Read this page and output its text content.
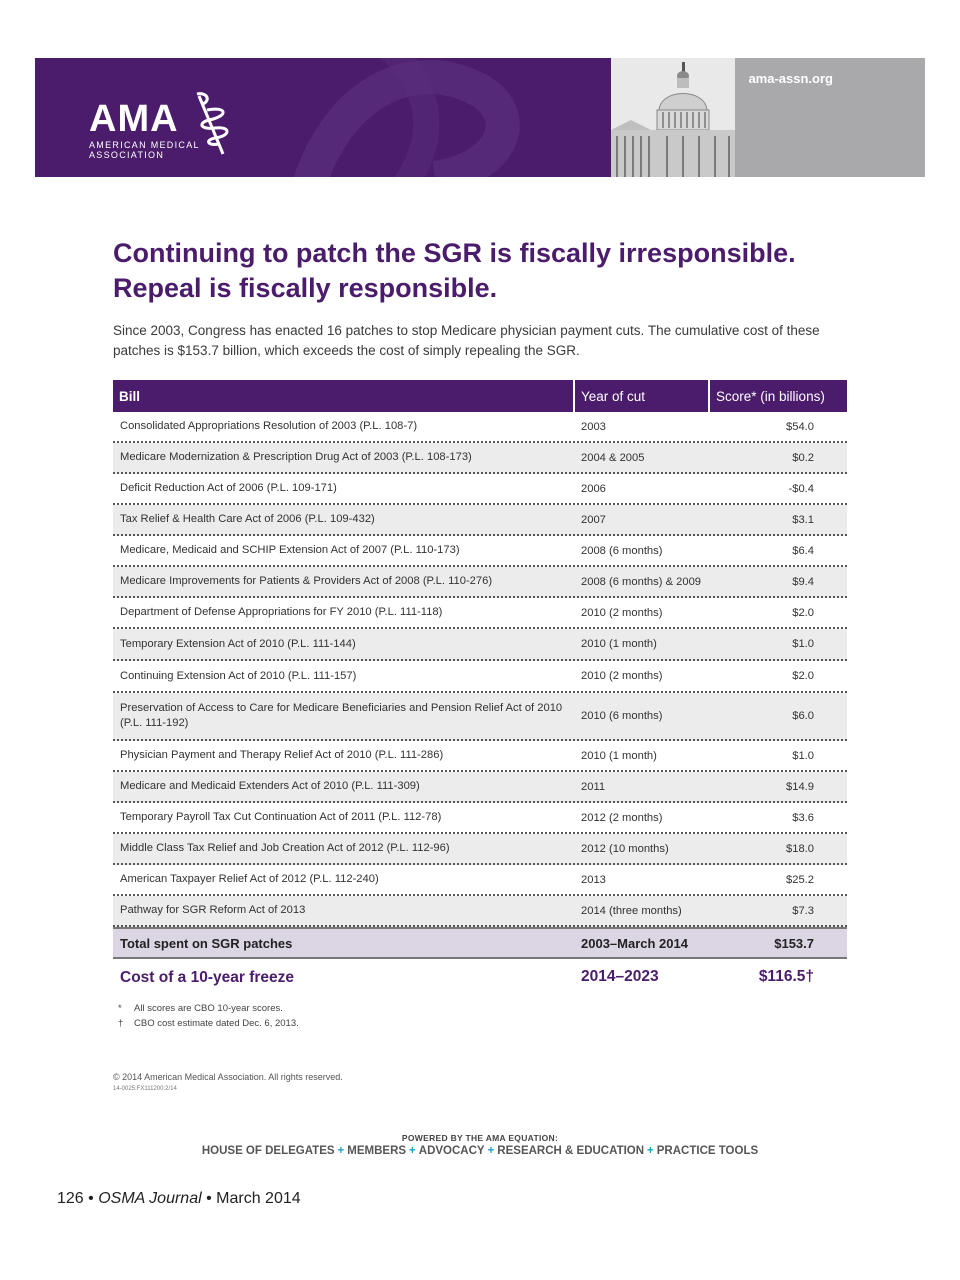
AMA
AMERICAN MEDICAL ASSOCIATION
ama-assn.org
Continuing to patch the SGR is fiscally irresponsible.
Repeal is fiscally responsible.
Since 2003, Congress has enacted 16 patches to stop Medicare physician payment cuts. The cumulative cost of these patches is $153.7 billion, which exceeds the cost of simply repealing the SGR.
Bill	Year of cut	Score*
(in billions)
Consolidated Appropriations Resolution of 2003 (P.L. 108-7)	2003	$54.0
Medicare Modernization & Prescription Drug Act of 2003 (P.L. 108-173)	2004 & 2005	$0.2
Deficit Reduction Act of 2006 (P.L. 109-171)	2006	-$0.4
Tax Relief & Health Care Act of 2006 (P.L. 109-432)	2007	$3.1
Medicare, Medicaid and SCHIP Extension Act of 2007 (P.L. 110-173)	2008 (6 months)	$6.4
Medicare Improvements for Patients & Providers Act of 2008 (P.L. 110-276)	2008 (6 months) & 2009	$9.4
Department of Defense Appropriations for FY 2010 (P.L. 111-118)	2010 (2 months)	$2.0
Temporary Extension Act of 2010 (P.L. 111-144)	2010 (1 month)	$1.0
Continuing Extension Act of 2010 (P.L. 111-157)	2010 (2 months)	$2.0
Preservation of Access to Care for Medicare Beneficiaries and Pension Relief Act of 2010 (P.L. 111-192)
2010 (6 months)	$6.0
Physician Payment and Therapy Relief Act of 2010 (P.L. 111-286)	2010 (1 month)	$1.0
Medicare and Medicaid Extenders Act of 2010 (P.L. 111-309)	2011	$14.9
Temporary Payroll Tax Cut Continuation Act of 2011 (P.L. 112-78)	2012 (2 months)	$3.6
Middle Class Tax Relief and Job Creation Act of 2012 (P.L. 112-96)	2012 (10 months)	$18.0
American Taxpayer Relief Act of 2012 (P.L. 112-240)	2013	$25.2
Pathway for SGR Reform Act of 2013	2014 (three months)	$7.3
Total spent on SGR patches	2003–March 2014	$153.7
Cost of a 10-year freeze	2014–2023	$116.5†
* All scores are CBO 10-year scores.
† CBO cost estimate dated Dec. 6, 2013.
© 2014 American Medical Association. All rights reserved.
14-0025:FX111200:2/14
POWERED BY THE AMA EQUATION:
HOUSE OF DELEGATES + MEMBERS + ADVOCACY + RESEARCH & EDUCATION + PRACTICE TOOLS
126 • OSMA Journal • March 2014
